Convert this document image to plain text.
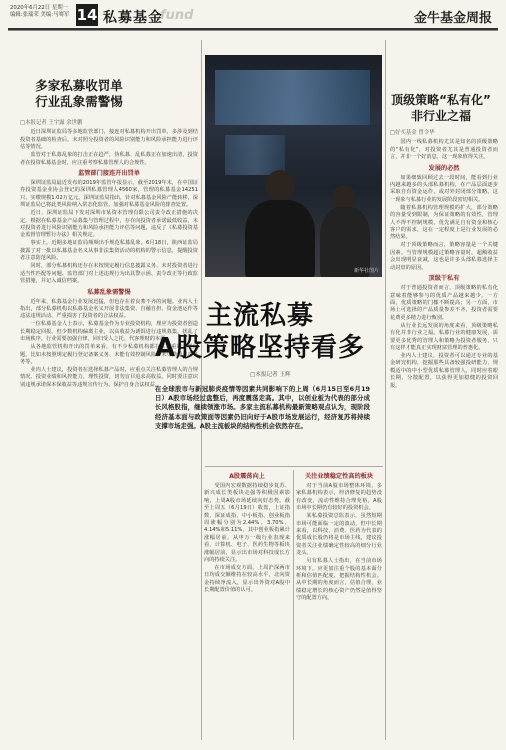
2020年6月22日 星期一
编辑:张瑞荣 美编:马骞军 14 私募基金
fund	金牛基金周报
多家私募收罚单
行业乱象需警惕
□本报记者 王宇露 余世鹏
近日深圳证监局等多地监管部门，接连对私募机构开出罚单，多涉及到结投资者基础的检查后，未对照分投资者的风险识别能力和风险承担能力进行评估等情况。
监管对于私募乱象的打击正在趋严，伪私募、乱私募正在加速出清，投资者在投资私募基金时，应注重考察私募管理人的合规性。
监管部门接连开出罚单
深圳证监局最近发布的2019年监管年报显示，截至2019年末，在中国证券投资基金业协会登记的深圳私募管理人4560家，管理的私募基金14251只，实缴规模1.02万亿元。深圳证监局指出，针对私募基金风险产能转移，深圳证监局已将此类风险纳入常态化监管，加强对私募基金风险的排查处置。
近日，深圳证监局下发对深圳市某资本管理有限公司责令改正措施的决定。根据在私募基金产品募集与管理过程中，存在向投资者承诺最低收益、未对投资者进行风险识别能力和风险承担能力评估等问题，违反了《私募投资基金监督管理暂行办法》相关规定。
事实上，近期多地证监局频频出手规范私募乱象。6月18日，陕西证监局披露了对一批以私募基金名义从事非法集资活动的机构的警示信息，提醒投资者注意防范风险。
同时，部分私募机构还存在未按规定履行信息披露义务、未对投资者进行适当性匹配等问题。监管部门对上述违规行为出具警示函、责令改正等行政监管措施，并记入诚信档案。
私募乱象需警惕
近年来，私募基金行业发展迅猛，但也存在着良莠不齐的问题。业内人士指出，部分私募机构以私募基金名义开展非法集资、自融自担、资金池运作等违法违规活动，严重损害了投资者的合法权益。
一位私募基金人士表示，私募基金作为专业投资机构，理应为投资者创造长期稳定回报。但少数机构偏离主业，以高收益为诱饵进行违规募集，扰乱了市场秩序。行业需要加强自律，回归受人之托、代客理财的本源。
从各地监管机构开出的罚单来看，有不少私募机构都存在严重的合规问题，比如未按照规定履行登记备案义务、未能有效控制风险、未尽勤勉尽责义务等。
业内人士建议，投资者在选择私募产品时，应重点关注私募管理人的合规情况、投资业绩和风控能力，理性投资，切勿盲目追求高收益。同时要注意识别违规承诺保本保收益等违规宣传行为，保护自身合法权益。
新华社图片
主流私募
A股策略坚持看多
□本报记者 王辉
在全球股市与新冠肺炎疫情等因素共同影响下的上周（6月15日至6月19日）A股市场经过盘整后，再度震荡走高。其中，以创业板为代表的部分成长风格股指，继续领涨市场。多家主流私募机构最新策略观点认为，现阶段经济基本面与政策面等因素仍旧向好于A股市场发展运行，经济复苏将持续支撑市场走强。A股主流板块的结构性机会依然存在。
A股震荡向上
受国内宏观数据持续稳步复苏、新兴成长类板块走强等积极因素影响，上周A股市场延续向好态势。截至上周五（6月19日）收盘，上证指数、深证成指、中小板指、创业板指周涨幅分别为2.44%、3.70%、4.14%和5.11%，其中创业板指累计涨幅居前。从申万一级行业表现来看，计算机、电子、医药生物等板块涨幅居前，显示出市场对科技成长方向的持续关注。
在市场成交方面，上周沪深两市日均成交额维持在较高水平，北向资金持续净流入，显示出外资对A股中长期配置价值的认可。
关注业绩稳定性高的板块
对于当前A股市场整体环境，多家私募机构表示，经济修复的趋势没有改变，流动性维持合理充裕，A股市场中长期仍有较好的投资机会。
某私募投资总监表示，虽然短期市场可能面临一定的波动，但中长期来看，以科技、消费、医药为代表的优质成长股仍将是市场主线，建议投资者关注业绩确定性较高的细分行业龙头。
另有私募人士指出，在当前市场环境下，应更加注重个股的基本面分析和估值匹配度，把握结构性机会。从中长期的角度而言，估值合理、业绩稳定增长的核心资产仍然是值得坚守的配置方向。
顶级策略“私有化”
非行业之福
□好买基金 曾令华
国内一线私募机构尤其是知名的顶级策略的“私有化”，对投资者尤其是普通投资者而言，并非一个好消息，这一现象值得关注。
发展的必然
如果细致回顾过去一段时间，能看到行业内越来越多的头部私募机构，在产品层面逐步采取自有资金运作，或对外封闭部分策略。这一现象与私募行业的发展阶段密切相关。
随着私募机构管理规模的扩大，部分策略的容量受到限制，为保证策略的有效性，管理人不得不控制规模，优先满足自有资金和核心客户的需求，这在一定程度上是行业发展的必然结果。
对于顶级策略而言，策略容量是一个关键因素。当管理规模超过策略容量时，超额收益会出现明显衰减，这也是许多头部私募选择主动封盘的原因。
顶级干私有
对于普通投资者而言，顶级策略的私有化意味着能够参与的优质产品越来越少。一方面，优质策略的门槛不断提高；另一方面，市场上可选择的产品质量参差不齐，投资者需要花费更多精力进行甄别。
从行业长远发展的角度来看，顶级策略私有化并非行业之福。私募行业的健康发展，需要更多优秀的管理人和策略为投资者服务，只有这样才能真正实现财富管理的普惠化。
业内人士建议，投资者可以通过专业的基金研究机构，挖掘那些具备较强投研能力、规模适中的中小型优质私募管理人，同时应着眼长期，分散配置，以获得更加稳健的投资回报。
